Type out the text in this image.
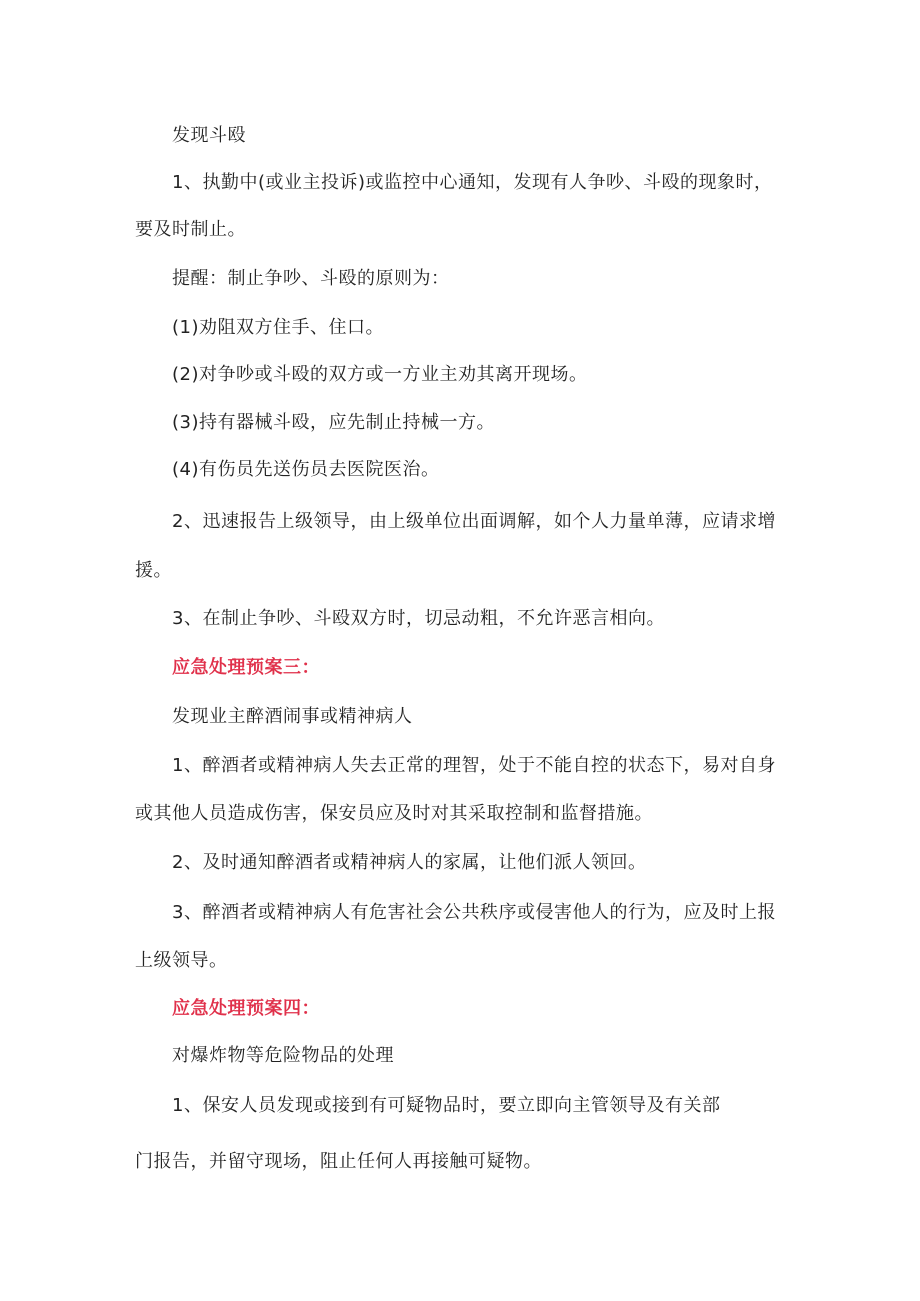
发现斗殴
1、执勤中(或业主投诉)或监控中心通知，发现有人争吵、斗殴的现象时，
要及时制止。
提醒：制止争吵、斗殴的原则为：
(1)劝阻双方住手、住口。
(2)对争吵或斗殴的双方或一方业主劝其离开现场。
(3)持有器械斗殴，应先制止持械一方。
(4)有伤员先送伤员去医院医治。
2、迅速报告上级领导，由上级单位出面调解，如个人力量单薄，应请求增
援。
3、在制止争吵、斗殴双方时，切忌动粗，不允许恶言相向。
应急处理预案三：
发现业主醉酒闹事或精神病人
1、醉酒者或精神病人失去正常的理智，处于不能自控的状态下，易对自身
或其他人员造成伤害，保安员应及时对其采取控制和监督措施。
2、及时通知醉酒者或精神病人的家属，让他们派人领回。
3、醉酒者或精神病人有危害社会公共秩序或侵害他人的行为，应及时上报
上级领导。
应急处理预案四：
对爆炸物等危险物品的处理
1、保安人员发现或接到有可疑物品时，要立即向主管领导及有关部
门报告，并留守现场，阻止任何人再接触可疑物。
